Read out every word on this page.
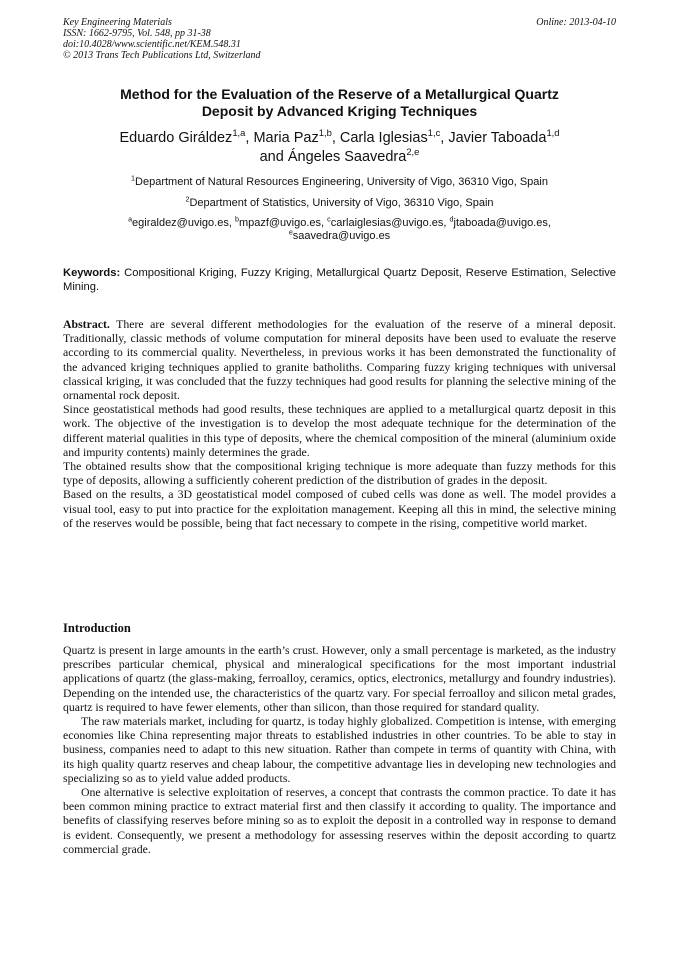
Key Engineering Materials
ISSN: 1662-9795, Vol. 548, pp 31-38
doi:10.4028/www.scientific.net/KEM.548.31
© 2013 Trans Tech Publications Ltd, Switzerland
Online: 2013-04-10
Method for the Evaluation of the Reserve of a Metallurgical Quartz
Deposit by Advanced Kriging Techniques
Eduardo Giráldez$^{1,a}$, Maria Paz$^{1,b}$, Carla Iglesias$^{1,c}$, Javier Taboada$^{1,d}$
and Ángeles Saavedra$^{2,e}$
$^1$Department of Natural Resources Engineering, University of Vigo, 36310 Vigo, Spain
$^2$Department of Statistics, University of Vigo, 36310 Vigo, Spain
$^a$egiraldez@uvigo.es, $^b$mpazf@uvigo.es, $^c$carlaiglesias@uvigo.es, $^d$jtaboada@uvigo.es,
$^e$saavedra@uvigo.es
Keywords: Compositional Kriging, Fuzzy Kriging, Metallurgical Quartz Deposit, Reserve Estimation, Selective Mining.

Abstract. There are several different methodologies for the evaluation of the reserve of a mineral deposit. Traditionally, classic methods of volume computation for mineral deposits have been used to evaluate the reserve according to its commercial quality. Nevertheless, in previous works it has been demonstrated the functionality of the advanced kriging techniques applied to granite batholiths. Comparing fuzzy kriging techniques with universal classical kriging, it was concluded that the fuzzy techniques had good results for planning the selective mining of the ornamental rock deposit.

Since geostatistical methods had good results, these techniques are applied to a metallurgical quartz deposit in this work. The objective of the investigation is to develop the most adequate technique for the determination of the different material qualities in this type of deposits, where the chemical composition of the mineral (aluminium oxide and impurity contents) mainly determines the grade.

The obtained results show that the compositional kriging technique is more adequate than fuzzy methods for this type of deposits, allowing a sufficiently coherent prediction of the distribution of grades in the deposit.

Based on the results, a 3D geostatistical model composed of cubed cells was done as well. The model provides a visual tool, easy to put into practice for the exploitation management. Keeping all this in mind, the selective mining of the reserves would be possible, being that fact necessary to compete in the rising, competitive world market.

Introduction

Quartz is present in large amounts in the earth’s crust. However, only a small percentage is marketed, as the industry prescribes particular chemical, physical and mineralogical specifications for the most important industrial applications of quartz (the glass-making, ferroalloy, ceramics, optics, electronics, metallurgy and foundry industries). Depending on the intended use, the characteristics of the quartz vary. For special ferroalloy and silicon metal grades, quartz is required to have fewer elements, other than silicon, than those required for standard quality.

The raw materials market, including for quartz, is today highly globalized. Competition is intense, with emerging economies like China representing major threats to established industries in other countries. To be able to stay in business, companies need to adapt to this new situation. Rather than compete in terms of quantity with China, with its high quality quartz reserves and cheap labour, the competitive advantage lies in developing new technologies and specializing so as to yield value added products.

One alternative is selective exploitation of reserves, a concept that contrasts the common practice. To date it has been common mining practice to extract material first and then classify it according to quality. The importance and benefits of classifying reserves before mining so as to exploit the deposit in a controlled way in response to demand is evident. Consequently, we present a methodology for assessing reserves within the deposit according to quartz commercial grade.
